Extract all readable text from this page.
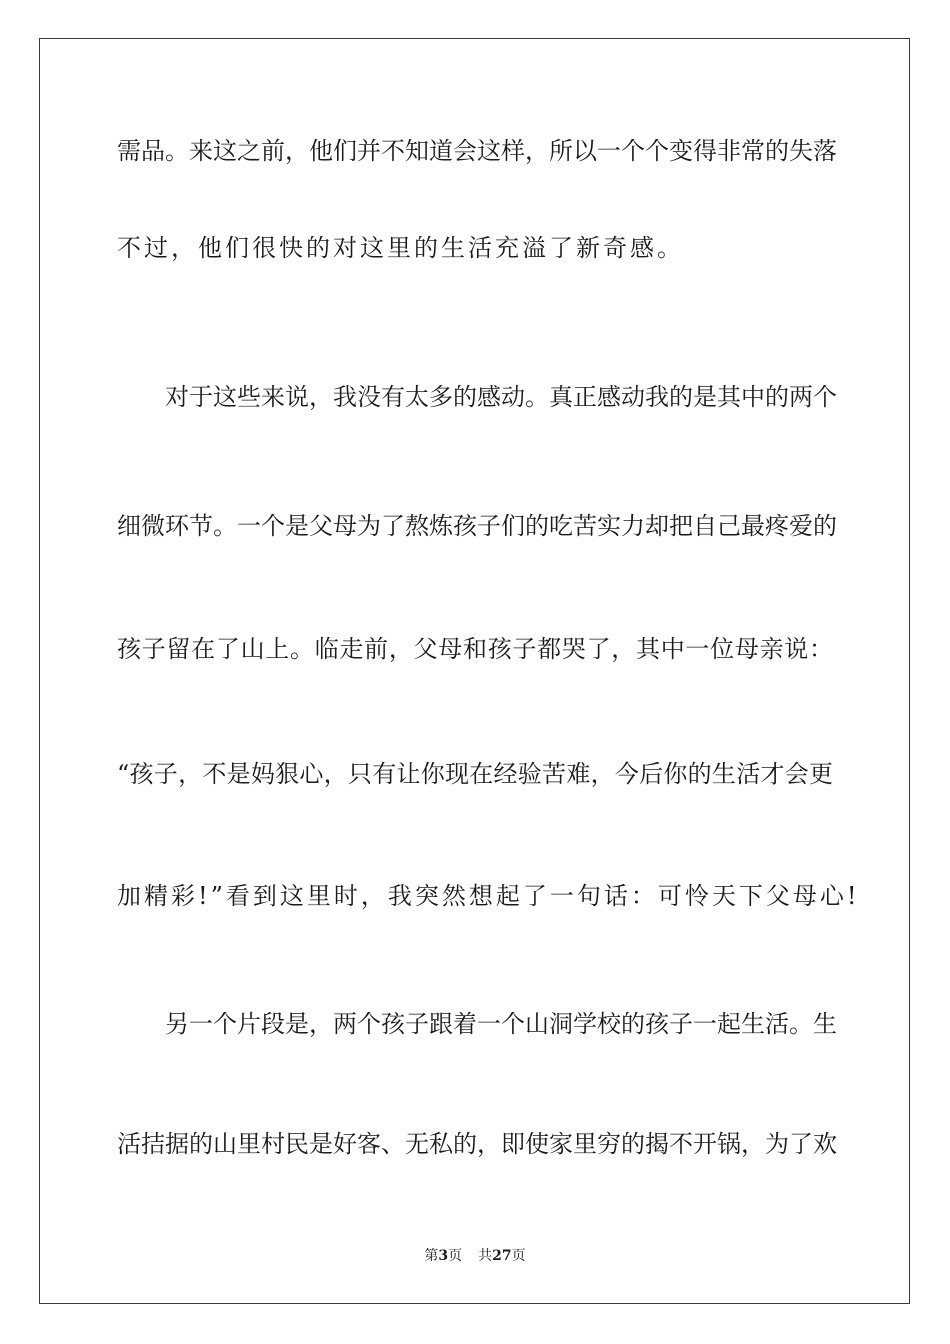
需品。来这之前，他们并不知道会这样，所以一个个变得非常的失落
不过，他们很快的对这里的生活充溢了新奇感。
对于这些来说，我没有太多的感动。真正感动我的是其中的两个
细微环节。一个是父母为了熬炼孩子们的吃苦实力却把自己最疼爱的
孩子留在了山上。临走前，父母和孩子都哭了，其中一位母亲说：
“孩子，不是妈狠心，只有让你现在经验苦难，今后你的生活才会更
加精彩!”看到这里时，我突然想起了一句话：可怜天下父母心!
另一个片段是，两个孩子跟着一个山洞学校的孩子一起生活。生
活拮据的山里村民是好客、无私的，即使家里穷的揭不开锅，为了欢
第3页 共27页
